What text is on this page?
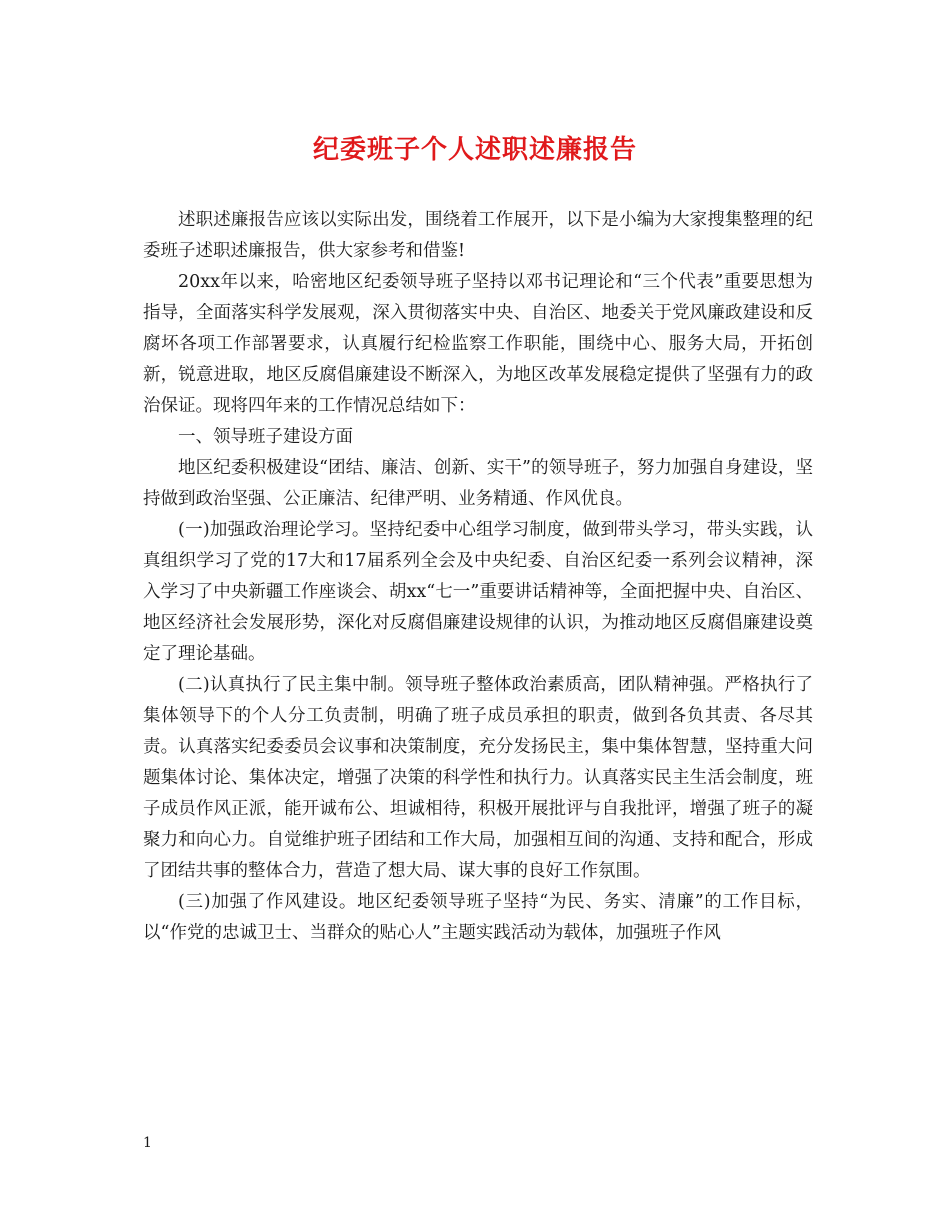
纪委班子个人述职述廉报告

述职述廉报告应该以实际出发，围绕着工作展开，以下是小编为大家搜集整理的纪委班子述职述廉报告，供大家参考和借鉴!

20xx年以来，哈密地区纪委领导班子坚持以邓书记理论和“三个代表”重要思想为指导，全面落实科学发展观，深入贯彻落实中央、自治区、地委关于党风廉政建设和反腐坏各项工作部署要求，认真履行纪检监察工作职能，围绕中心、服务大局，开拓创新，锐意进取，地区反腐倡廉建设不断深入，为地区改革发展稳定提供了坚强有力的政治保证。现将四年来的工作情况总结如下：

一、领导班子建设方面

地区纪委积极建设“团结、廉洁、创新、实干”的领导班子，努力加强自身建设，坚持做到政治坚强、公正廉洁、纪律严明、业务精通、作风优良。

(一)加强政治理论学习。坚持纪委中心组学习制度，做到带头学习，带头实践，认真组织学习了党的17大和17届系列全会及中央纪委、自治区纪委一系列会议精神，深入学习了中央新疆工作座谈会、胡xx“七一”重要讲话精神等，全面把握中央、自治区、地区经济社会发展形势，深化对反腐倡廉建设规律的认识，为推动地区反腐倡廉建设奠定了理论基础。

(二)认真执行了民主集中制。领导班子整体政治素质高，团队精神强。严格执行了集体领导下的个人分工负责制，明确了班子成员承担的职责，做到各负其责、各尽其责。认真落实纪委委员会议事和决策制度，充分发扬民主，集中集体智慧，坚持重大问题集体讨论、集体决定，增强了决策的科学性和执行力。认真落实民主生活会制度，班子成员作风正派，能开诚布公、坦诚相待，积极开展批评与自我批评，增强了班子的凝聚力和向心力。自觉维护班子团结和工作大局，加强相互间的沟通、支持和配合，形成了团结共事的整体合力，营造了想大局、谋大事的良好工作氛围。

(三)加强了作风建设。地区纪委领导班子坚持“为民、务实、清廉”的工作目标，以“作党的忠诚卫士、当群众的贴心人”主题实践活动为载体，加强班子作风

1
